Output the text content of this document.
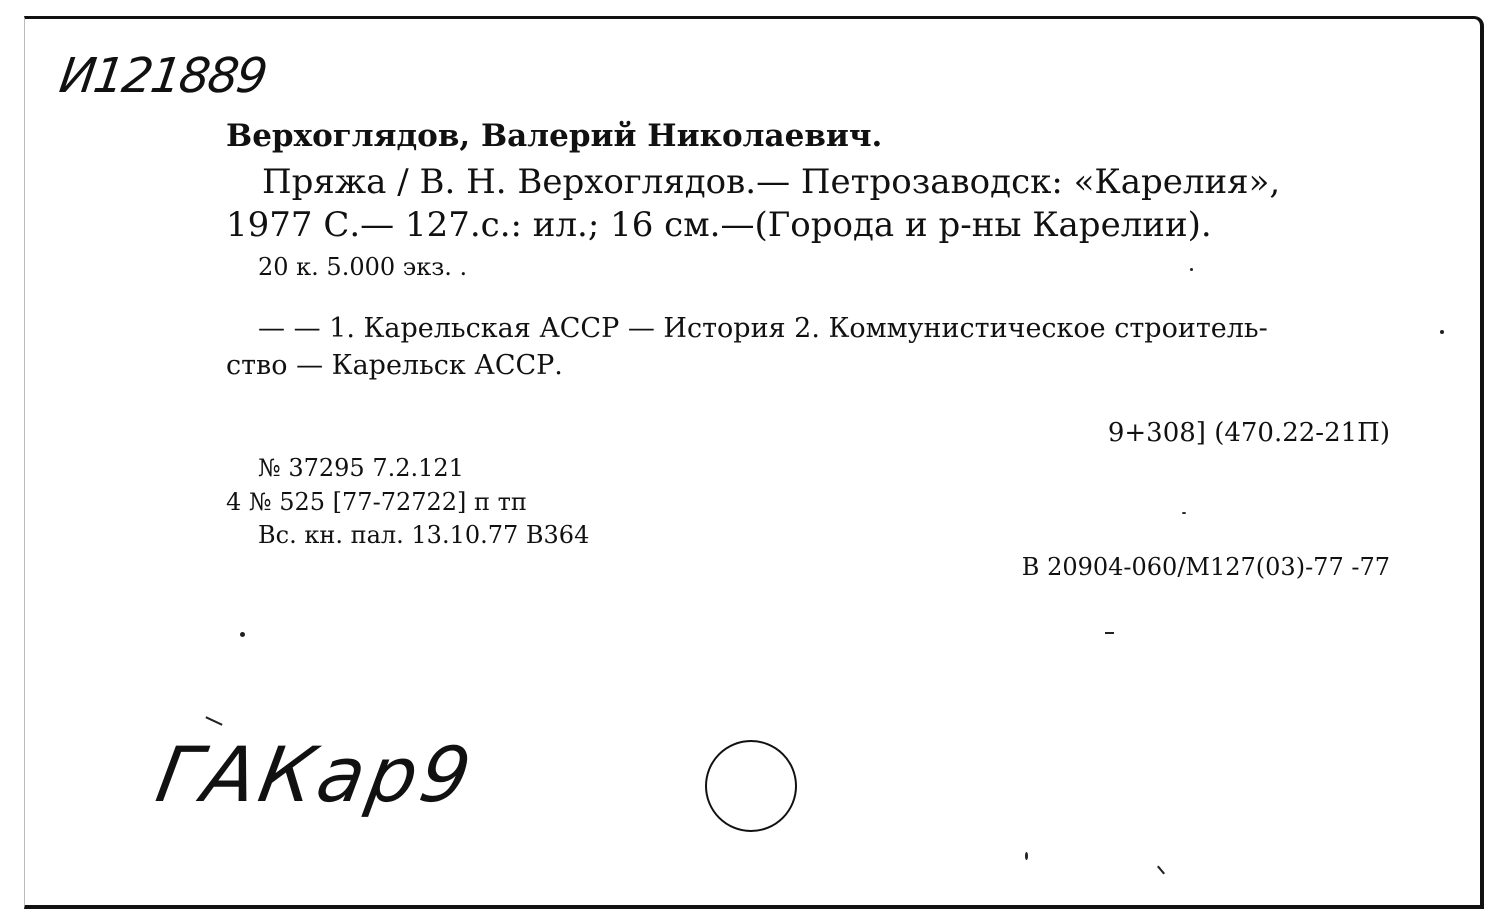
И121889
Верхоглядов, Валерий Николаевич.
Пряжа / В. Н. Верхоглядов.— Петрозаводск: «Карелия»,
1977 С.— 127.с.: ил.; 16 см.—(Города и р-ны Карелии).
20 к. 5.000 экз. .
— — 1. Карельская АССР — История 2. Коммунистическое строитель-
ство — Карельск АССР.
9+308] (470.22-21П)
№ 37295 7.2.121
4 № 525 [77-72722] п тп
Вс. кн. пал. 13.10.77 В364
В 20904-060/М127(03)-77 -77
ГАКар9
